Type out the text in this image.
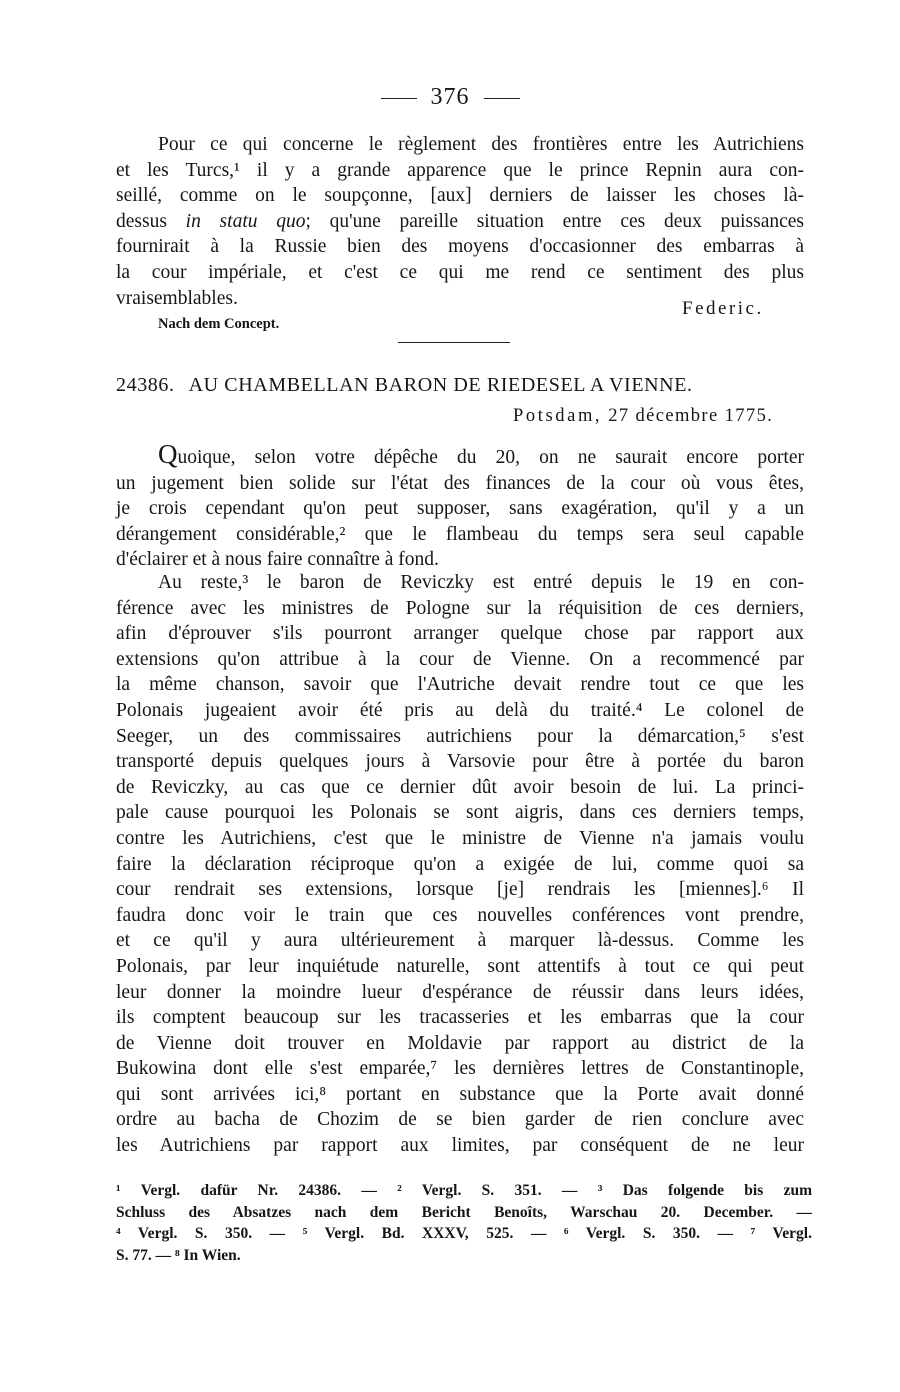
376

Pour ce qui concerne le règlement des frontières entre les Autrichiens

et les Turcs,¹ il y a grande apparence que le prince Repnin aura con-

seillé, comme on le soupçonne, [aux] derniers de laisser les choses là-

dessus in statu quo; qu'une pareille situation entre ces deux puissances

fournirait à la Russie bien des moyens d'occasionner des embarras à

la cour impériale, et c'est ce qui me rend ce sentiment des plus

vraisemblables.	Federic.
Nach dem Concept.
24386. AU CHAMBELLAN BARON DE RIEDESEL A VIENNE.
Potsdam, 27 décembre 1775.

Quoique, selon votre dépêche du 20, on ne saurait encore porter

un jugement bien solide sur l'état des finances de la cour où vous êtes,

je crois cependant qu'on peut supposer, sans exagération, qu'il y a un

dérangement considérable,² que le flambeau du temps sera seul capable

d'éclairer et à nous faire connaître à fond.

Au reste,³ le baron de Reviczky est entré depuis le 19 en con-

férence avec les ministres de Pologne sur la réquisition de ces derniers,

afin d'éprouver s'ils pourront arranger quelque chose par rapport aux

extensions qu'on attribue à la cour de Vienne. On a recommencé par

la même chanson, savoir que l'Autriche devait rendre tout ce que les

Polonais jugeaient avoir été pris au delà du traité.⁴ Le colonel de

Seeger, un des commissaires autrichiens pour la démarcation,⁵ s'est

transporté depuis quelques jours à Varsovie pour être à portée du baron

de Reviczky, au cas que ce dernier dût avoir besoin de lui. La princi-

pale cause pourquoi les Polonais se sont aigris, dans ces derniers temps,

contre les Autrichiens, c'est que le ministre de Vienne n'a jamais voulu

faire la déclaration réciproque qu'on a exigée de lui, comme quoi sa

cour rendrait ses extensions, lorsque [je] rendrais les [miennes].⁶ Il

faudra donc voir le train que ces nouvelles conférences vont prendre,

et ce qu'il y aura ultérieurement à marquer là-dessus. Comme les

Polonais, par leur inquiétude naturelle, sont attentifs à tout ce qui peut

leur donner la moindre lueur d'espérance de réussir dans leurs idées,

ils comptent beaucoup sur les tracasseries et les embarras que la cour

de Vienne doit trouver en Moldavie par rapport au district de la

Bukowina dont elle s'est emparée,⁷ les dernières lettres de Constantinople,

qui sont arrivées ici,⁸ portant en substance que la Porte avait donné

ordre au bacha de Chozim de se bien garder de rien conclure avec

les Autrichiens par rapport aux limites, par conséquent de ne leur

¹ Vergl. dafür Nr. 24386. — ² Vergl. S. 351. — ³ Das folgende bis zum

Schluss des Absatzes nach dem Bericht Benoîts, Warschau 20. December. —

⁴ Vergl. S. 350. — ⁵ Vergl. Bd. XXXV, 525. — ⁶ Vergl. S. 350. — ⁷ Vergl.

S. 77. — ⁸ In Wien.
